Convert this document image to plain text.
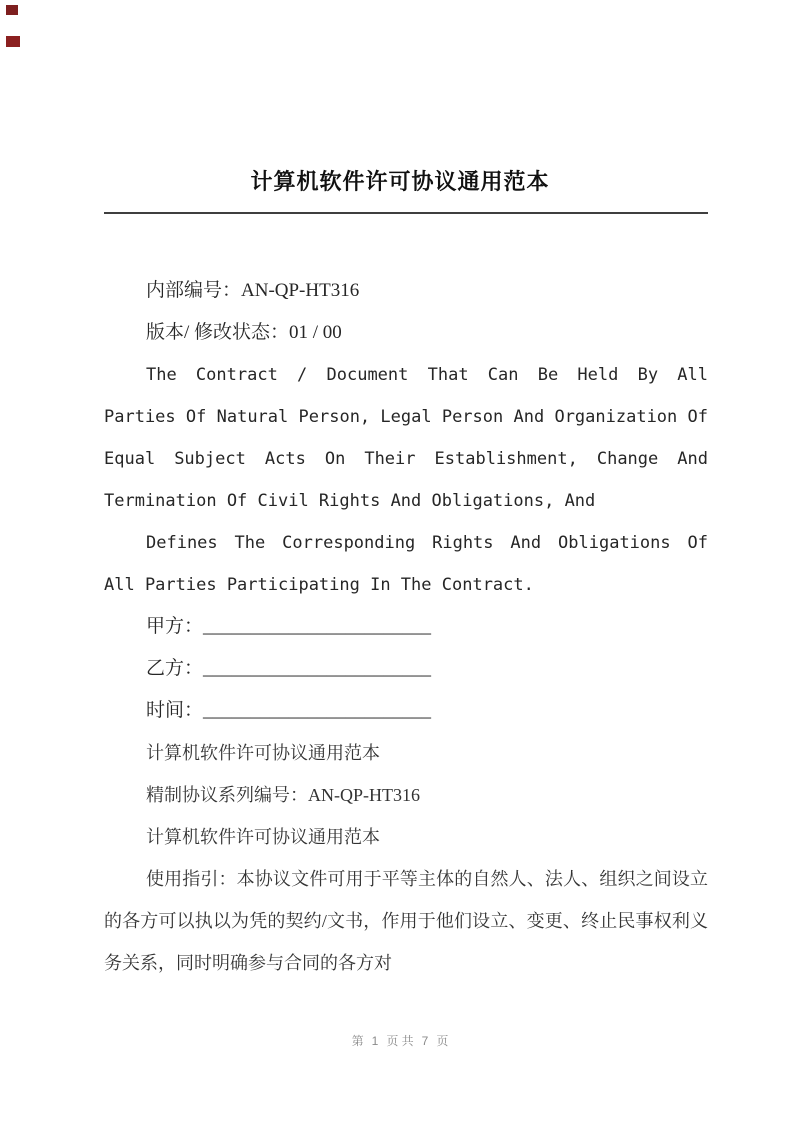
计算机软件许可协议通用范本

内部编号：AN-QP-HT316

版本/ 修改状态：01 / 00

The Contract / Document That Can Be Held By All Parties Of Natural Person, Legal Person And Organization Of Equal Subject Acts On Their Establishment, Change And Termination Of Civil Rights And Obligations, And

Defines The Corresponding Rights And Obligations Of All Parties Participating In The Contract.

甲方：________________________

乙方：________________________

时间：________________________

计算机软件许可协议通用范本

精制协议系列编号：AN-QP-HT316

计算机软件许可协议通用范本

使用指引：本协议文件可用于平等主体的自然人、法人、组织之间设立的各方可以执以为凭的契约/文书，作用于他们设立、变更、终止民事权利义务关系，同时明确参与合同的各方对

第 1 页 共 7 页
